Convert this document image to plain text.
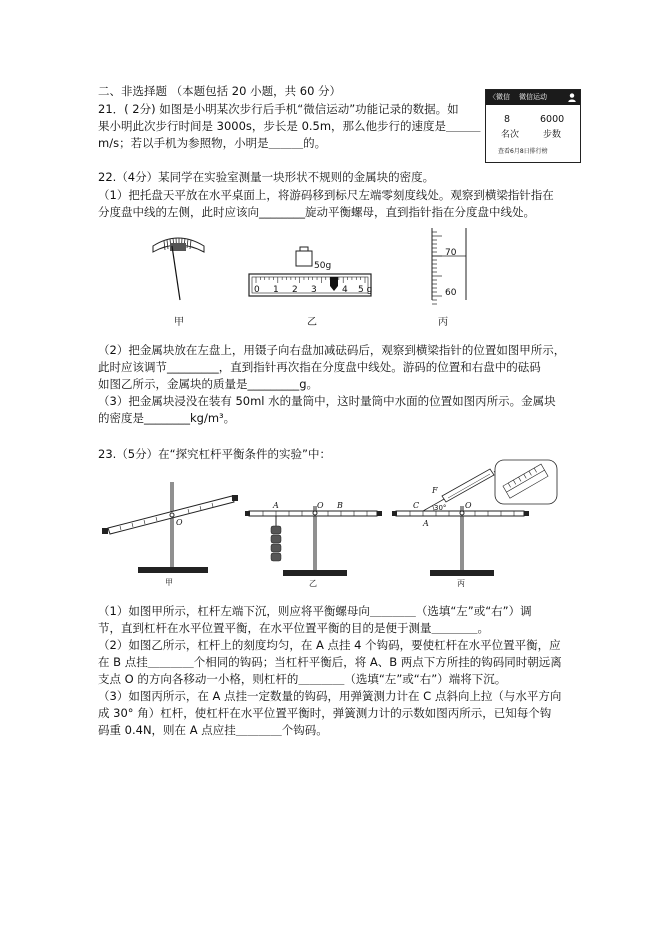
二、非选择题 （本题包括 20 小题，共 60 分）
21．( 2分) 如图是小明某次步行后手机“微信运动”功能记录的数据。如
果小明此次步行时间是 3000s，步长是 0.5m，那么他步行的速度是＿＿＿
m/s；若以手机为参照物，小明是＿＿＿的。
〈微信 微信运动
8	6000
名次	步数
查看6月8日排行榜
22.（4分）某同学在实验室测量一块形状不规则的金属块的密度。
（1）把托盘天平放在水平桌面上，将游码移到标尺左端零刻度线处。观察到横梁指针指在
分度盘中线的左侧，此时应该向________旋动平衡螺母，直到指针指在分度盘中线处。
50g
0 1 2 3	4 5 g
70
60
甲	乙	丙
（2）把金属块放在左盘上，用镊子向右盘加减砝码后，观察到横梁指针的位置如图甲所示，
此时应该调节_________，直到指针再次指在分度盘中线处。游码的位置和右盘中的砝码
如图乙所示，金属块的质量是_________g。
（3）把金属块浸没在装有 50ml 水的量筒中，这时量筒中水面的位置如图丙所示。金属块
的密度是________kg/m³。
23.（5分）在“探究杠杆平衡条件的实验”中：
O
A	O B	C
F
30°
A
O
甲	乙	丙
（1）如图甲所示，杠杆左端下沉，则应将平衡螺母向＿＿＿＿（选填“左”或“右”）调
节，直到杠杆在水平位置平衡，在水平位置平衡的目的是便于测量＿＿＿＿。
（2）如图乙所示，杠杆上的刻度均匀，在 A 点挂 4 个钩码，要使杠杆在水平位置平衡，应
在 B 点挂＿＿＿＿个相同的钩码；当杠杆平衡后，将 A、B 两点下方所挂的钩码同时朝远离
支点 O 的方向各移动一小格，则杠杆的＿＿＿＿（选填“左”或“右”）端将下沉。
（3）如图丙所示，在 A 点挂一定数量的钩码，用弹簧测力计在 C 点斜向上拉（与水平方向
成 30° 角）杠杆，使杠杆在水平位置平衡时，弹簧测力计的示数如图丙所示，已知每个钩
码重 0.4N，则在 A 点应挂＿＿＿＿个钩码。
